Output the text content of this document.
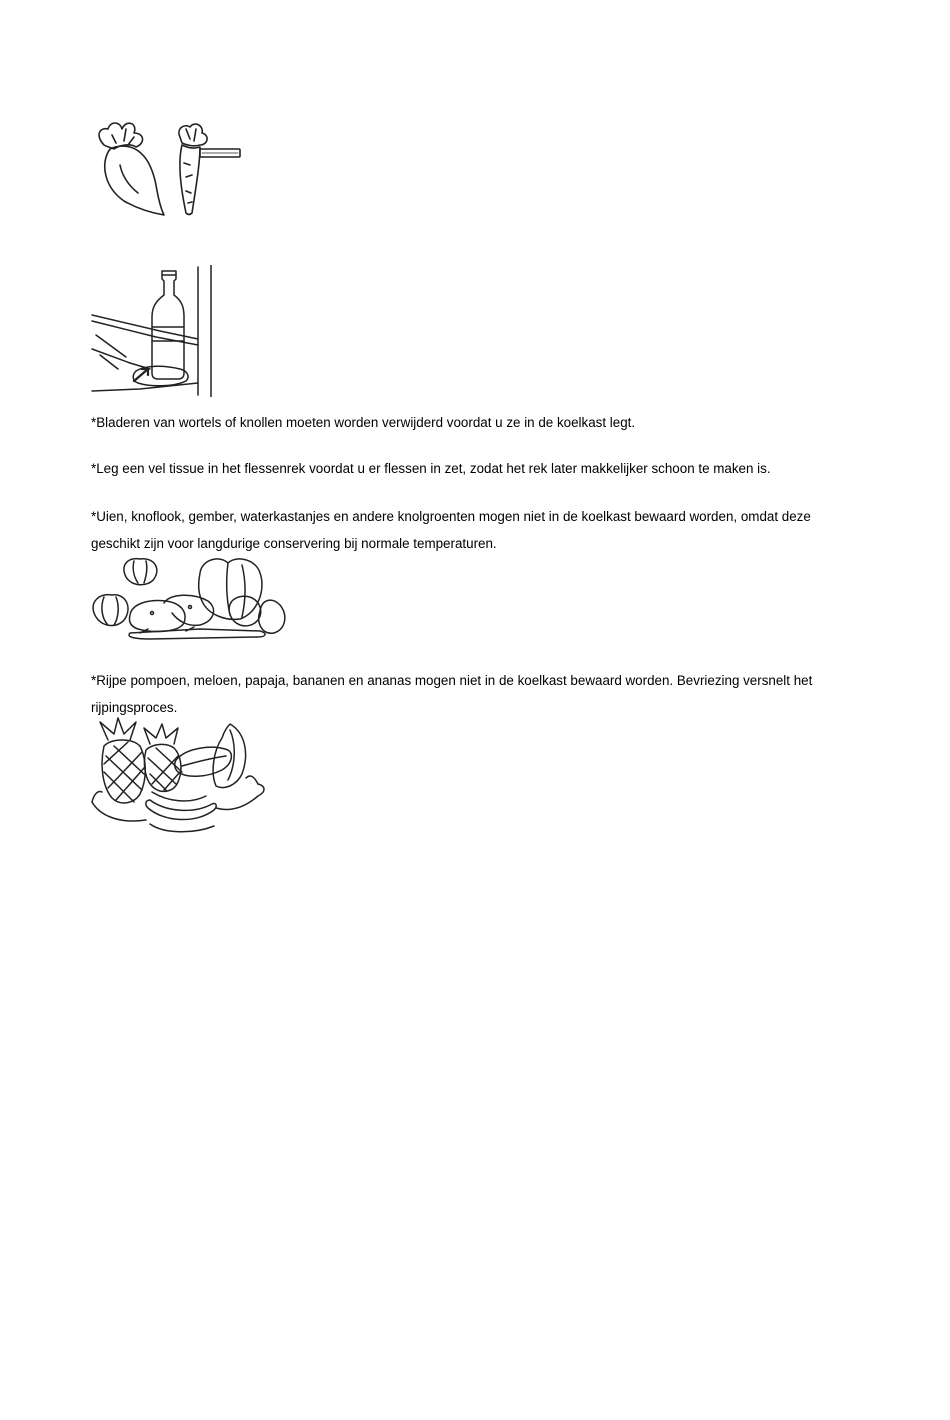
*Bladeren van wortels of knollen moeten worden verwijderd voordat u ze in de koelkast legt.

*Leg een vel tissue in het flessenrek voordat u er flessen in zet, zodat het rek later makkelijker schoon te maken is.

*Uien, knoflook, gember, waterkastanjes en andere knolgroenten mogen niet in de koelkast bewaard worden, omdat deze geschikt zijn voor langdurige conservering bij normale temperaturen.

*Rijpe pompoen, meloen, papaja, bananen en ananas mogen niet in de koelkast bewaard worden. Bevriezing versnelt het rijpingsproces.
